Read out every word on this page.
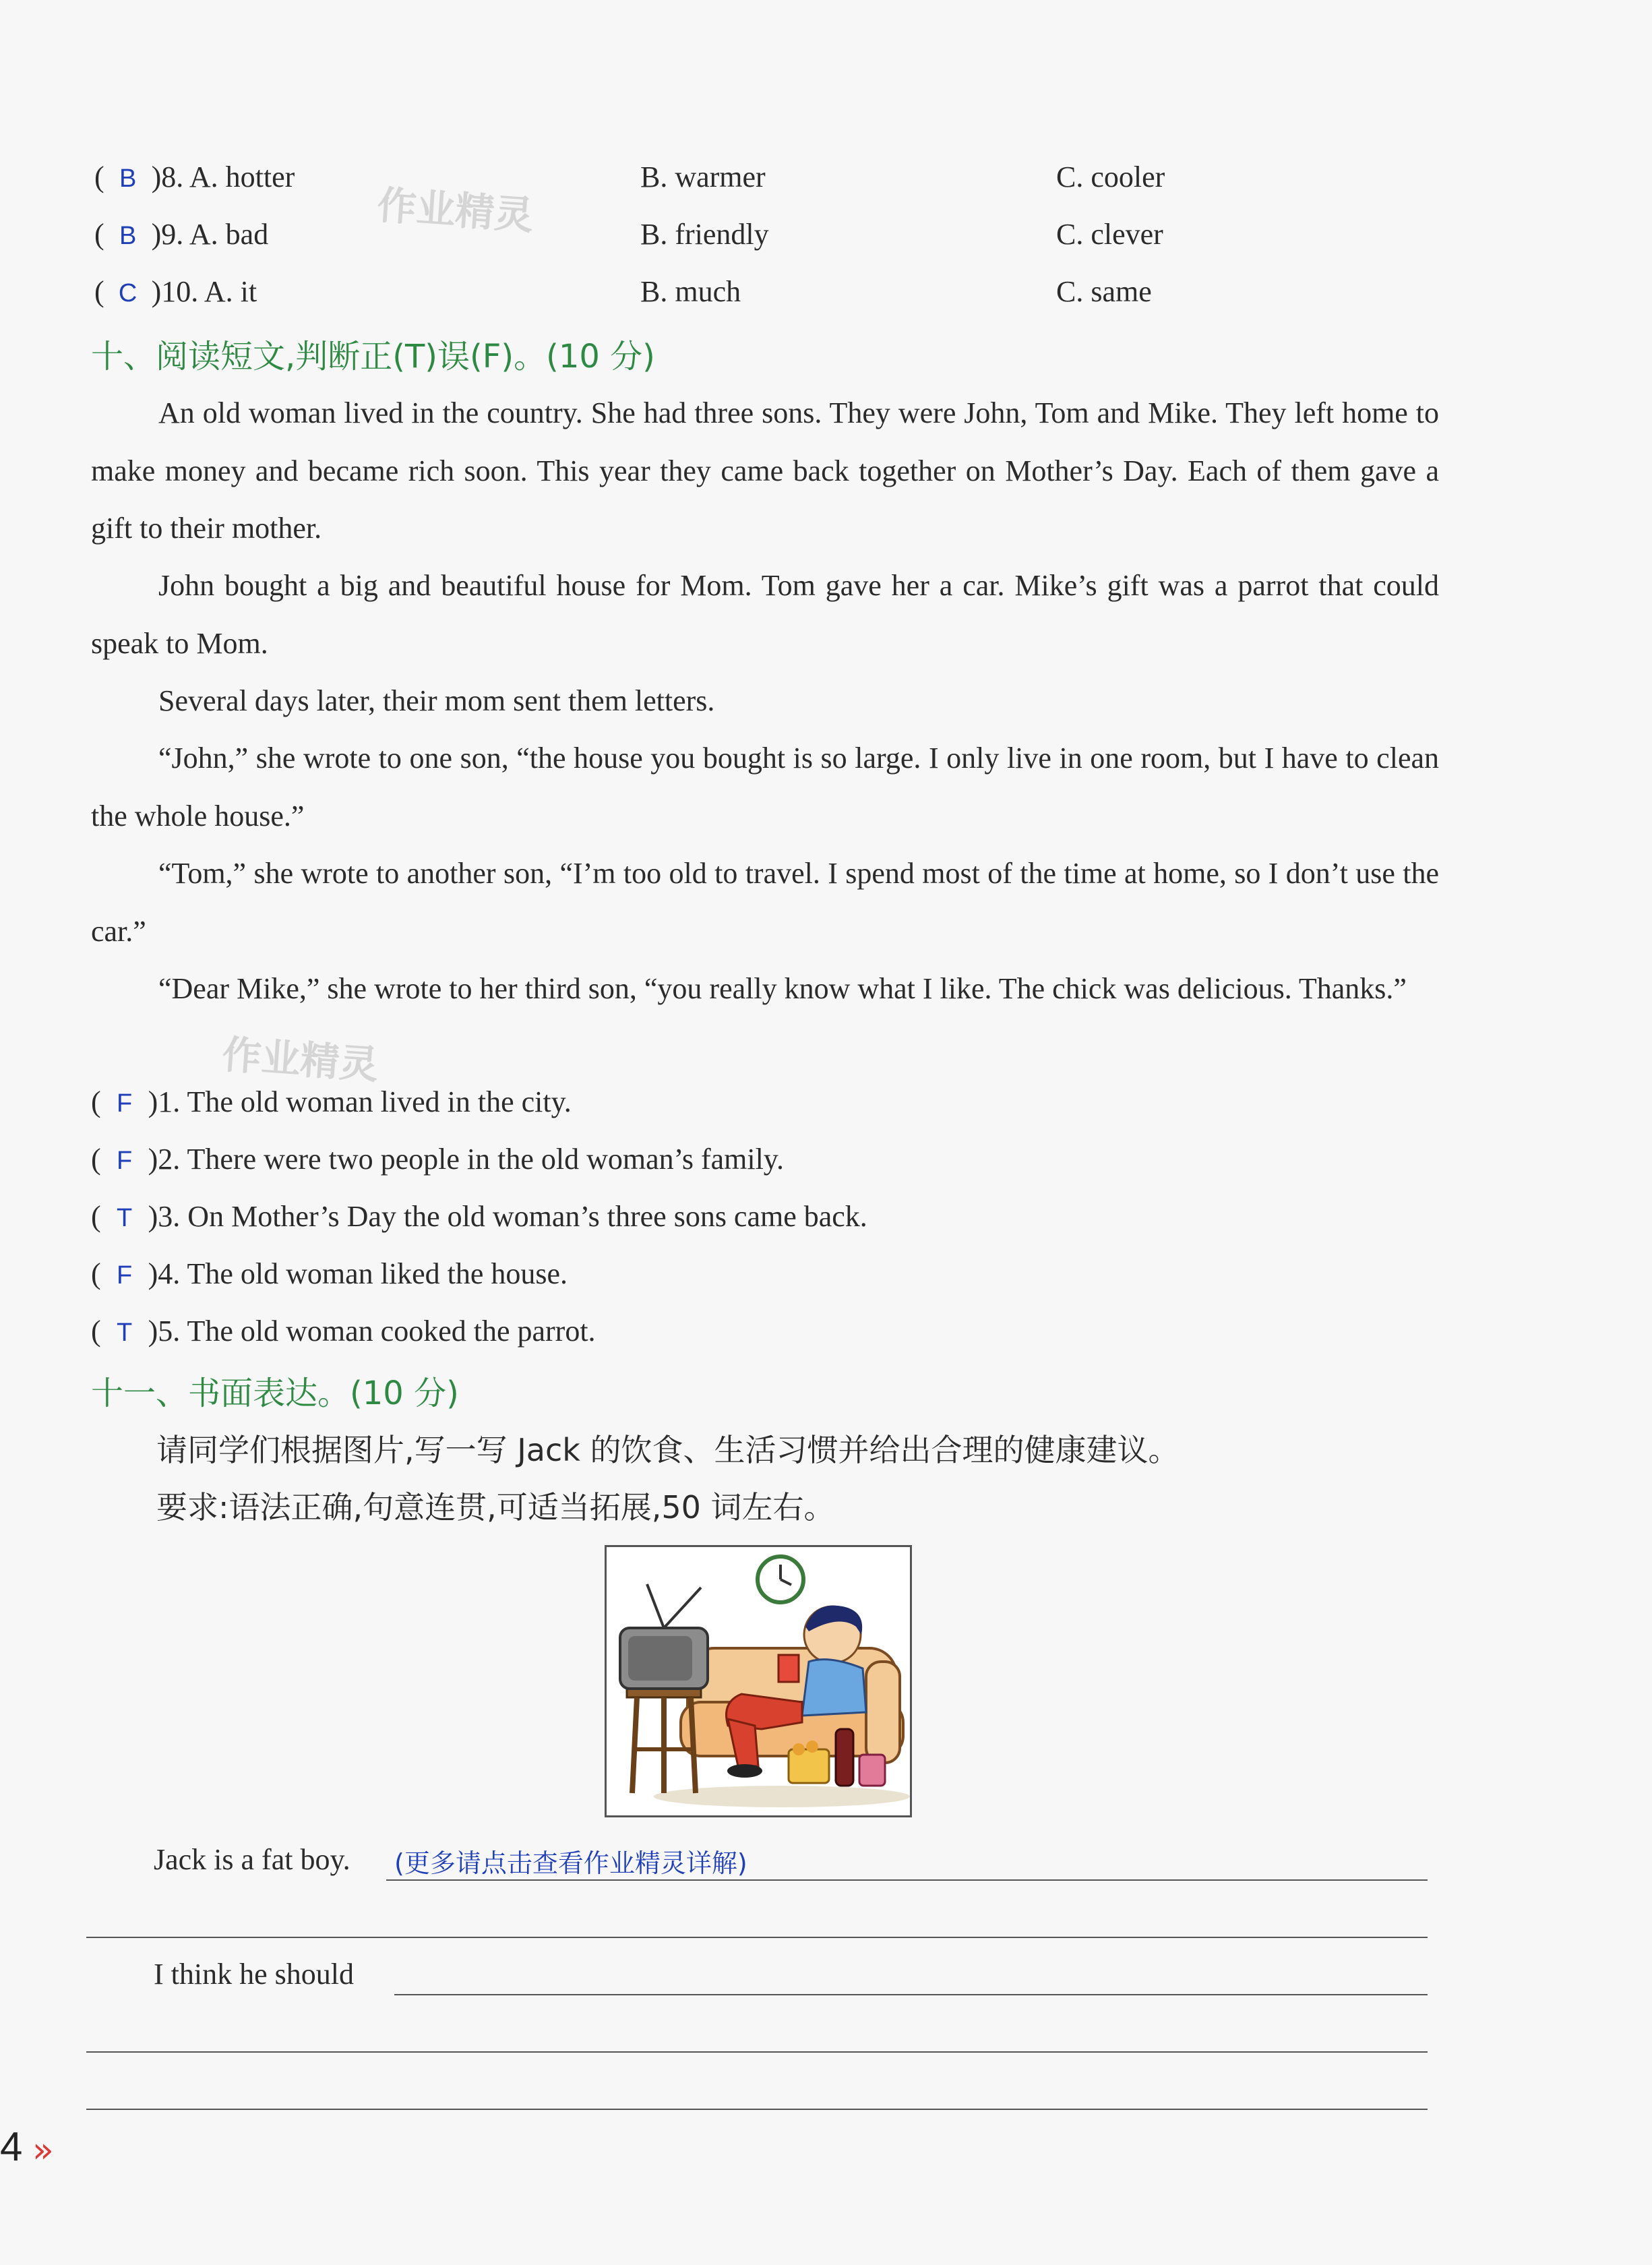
( B )8. A. hotter	B. warmer	C. cooler
( B )9. A. bad	B. friendly	C. clever
( C )10. A. it	B. much	C. same
作业精灵
作业精灵
十、阅读短文,判断正(T)误(F)。(10 分)
An old woman lived in the country. She had three sons. They were John, Tom and Mike. They left home to make money and became rich soon. This year they came back together on Mother’s Day. Each of them gave a gift to their mother.
John bought a big and beautiful house for Mom. Tom gave her a car. Mike’s gift was a parrot that could speak to Mom.
Several days later, their mom sent them letters.
“John,” she wrote to one son, “the house you bought is so large. I only live in one room, but I have to clean the whole house.”
“Tom,” she wrote to another son, “I’m too old to travel. I spend most of the time at home, so I don’t use the car.”
“Dear Mike,” she wrote to her third son, “you really know what I like. The chick was delicious. Thanks.”
( F )1. The old woman lived in the city.
( F )2. There were two people in the old woman’s family.
( T )3. On Mother’s Day the old woman’s three sons came back.
( F )4. The old woman liked the house.
( T )5. The old woman cooked the parrot.
十一、书面表达。(10 分)
请同学们根据图片,写一写 Jack 的饮食、生活习惯并给出合理的健康建议。
要求:语法正确,句意连贯,可适当拓展,50 词左右。
Jack is a fat boy. (更多请点击查看作业精灵详解)
I think he should
4 »
